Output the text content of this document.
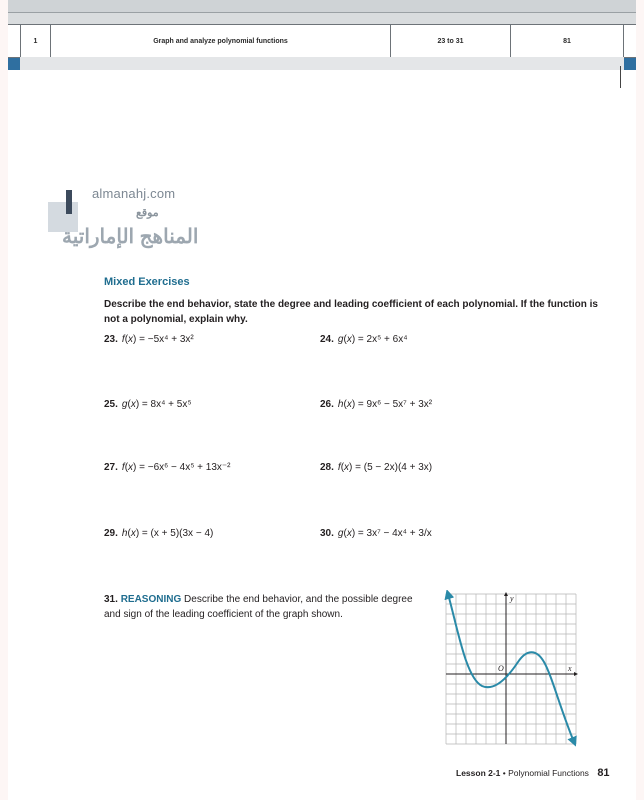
1	Graph and analyze polynomial functions	23 to 31	81
almanahj.com
موقع
المناهج الإماراتية
Mixed Exercises
Describe the end behavior, state the degree and leading coefficient of each polynomial. If the function is not a polynomial, explain why.
23. f(x) = −5x⁴ + 3x²	24. g(x) = 2x⁵ + 6x⁴
25. g(x) = 8x⁴ + 5x⁵	26. h(x) = 9x⁶ − 5x⁷ + 3x²
27. f(x) = −6x⁶ − 4x⁵ + 13x⁻²	28. f(x) = (5 − 2x)(4 + 3x)
29. h(x) = (x + 5)(3x − 4)	30. g(x) = 3x⁷ − 4x⁴ + 3/x
31. REASONING Describe the end behavior, and the possible degree and sign of the leading coefficient of the graph shown.
y
x
O
Lesson 2-1 • Polynomial Functions 81
